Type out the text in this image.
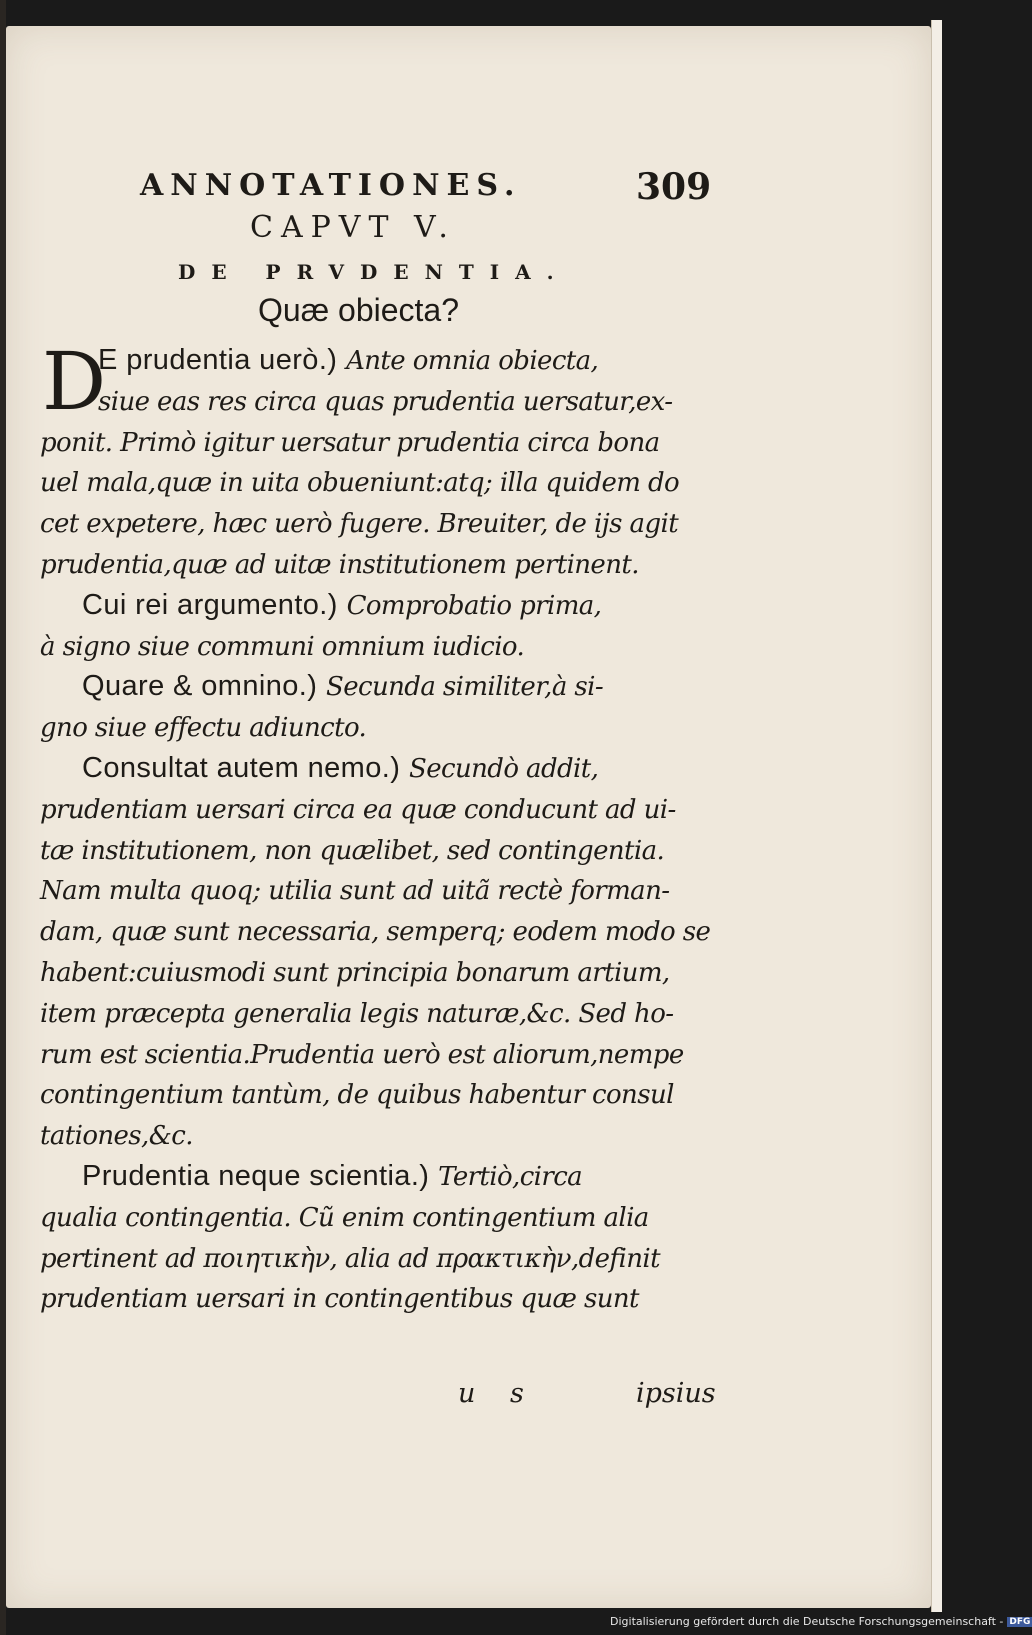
ANNOTATIONES.	309
CAPVT V.
DE PRVDENTIA.
Quæ obiecta?
D
E prudentia uerò.) Ante omnia obiecta,
siue eas res circa quas prudentia uersatur,ex-
ponit. Primò igitur uersatur prudentia circa bona
uel mala,quæ in uita obueniunt:atq; illa quidem do
cet expetere, hæc uerò fugere. Breuiter, de ijs agit
prudentia,quæ ad uitæ institutionem pertinent.
Cui rei argumento.) Comprobatio prima,
à signo siue communi omnium iudicio.
Quare & omnino.) Secunda similiter,à si-
gno siue effectu adiuncto.
Consultat autem nemo.) Secundò addit,
prudentiam uersari circa ea quæ conducunt ad ui-
tæ institutionem, non quælibet, sed contingentia.
Nam multa quoq; utilia sunt ad uitã rectè forman-
dam, quæ sunt necessaria, semperq; eodem modo se
habent:cuiusmodi sunt principia bonarum artium,
item præcepta generalia legis naturæ,&c. Sed ho-
rum est scientia.Prudentia uerò est aliorum,nempe
contingentium tantùm, de quibus habentur consul
tationes,&c.
Prudentia neque scientia.) Tertiò,circa
qualia contingentia. Cũ enim contingentium alia
pertinent ad ποιητικὴν, alia ad πρακτικὴν,definit
prudentiam uersari in contingentibus quæ sunt
u s	ipsius
Digitalisierung gefördert durch die Deutsche Forschungsgemeinschaft - DFG
